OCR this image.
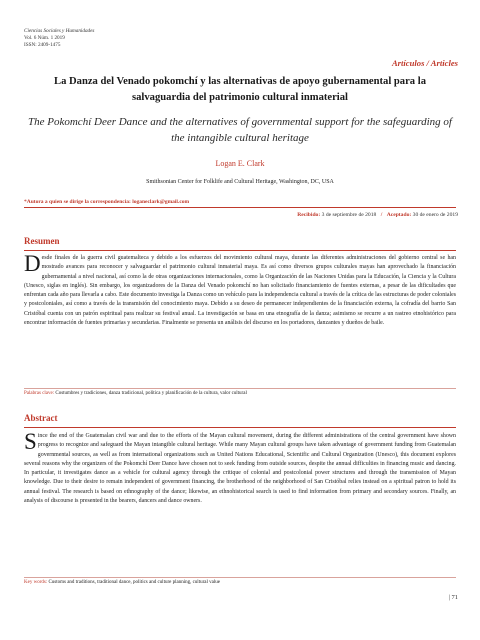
Ciencias Sociales y Humanidades
Vol. 6 Núm. 1 2019
ISSN: 2409-1475
Artículos / Articles
La Danza del Venado pokomchí y las alternativas de apoyo gubernamental para la salvaguardia del patrimonio cultural inmaterial
The Pokomchí Deer Dance and the alternatives of governmental support for the safeguarding of the intangible cultural heritage
Logan E. Clark
Smithsonian Center for Folklife and Cultural Heritage, Washington, DC, USA
*Autora a quien se dirige la correspondencia: loganeclark@gmail.com
Recibido: 3 de septiembre de 2018 / Aceptado: 30 de enero de 2019
Resumen
Desde finales de la guerra civil guatemalteca y debido a los esfuerzos del movimiento cultural maya, durante las diferentes administraciones del gobierno central se han mostrado avances para reconocer y salvaguardar el patrimonio cultural inmaterial maya. Es así como diversos grupos culturales mayas han aprovechado la financiación gubernamental a nivel nacional, así como la de otras organizaciones internacionales, como la Organización de las Naciones Unidas para la Educación, la Ciencia y la Cultura (Unesco, siglas en inglés). Sin embargo, los organizadores de la Danza del Venado pokomchí no han solicitado financiamiento de fuentes externas, a pesar de las dificultades que enfrentan cada año para llevarla a cabo. Este documento investiga la Danza como un vehículo para la independencia cultural a través de la crítica de las estructuras de poder coloniales y postcoloniales, así como a través de la transmisión del conocimiento maya. Debido a su deseo de permanecer independientes de la financiación externa, la cofradía del barrio San Cristóbal cuenta con un patrón espiritual para realizar su festival anual. La investigación se basa en una etnografía de la danza; asimismo se recurre a un rastreo etnohistórico para encontrar información de fuentes primarias y secundarias. Finalmente se presenta un análisis del discurso en los portadores, danzantes y dueños de baile.
Palabras clave: Costumbres y tradiciones, danza tradicional, política y planificación de la cultura, valor cultural
Abstract
Since the end of the Guatemalan civil war and due to the efforts of the Mayan cultural movement, during the different administrations of the central government have shown progress to recognize and safeguard the Mayan intangible cultural heritage. While many Mayan cultural groups have taken advantage of government funding from Guatemalan governmental sources, as well as from international organizations such as United Nations Educational, Scientific and Cultural Organization (Unesco), this document explores several reasons why the organizers of the Pokomchí Deer Dance have chosen not to seek funding from outside sources, despite the annual difficulties in financing music and dancing. In particular, it investigates dance as a vehicle for cultural agency through the critique of colonial and postcolonial power structures and through the transmission of Mayan knowledge. Due to their desire to remain independent of government financing, the brotherhood of the neighborhood of San Cristóbal relies instead on a spiritual patron to hold its annual festival. The research is based on ethnography of the dance; likewise, an ethnohistorical search is used to find information from primary and secondary sources. Finally, an analysis of discourse is presented in the bearers, dancers and dance owners.
Key words: Customs and traditions, traditional dance, politics and culture planning, cultural value
| 71
